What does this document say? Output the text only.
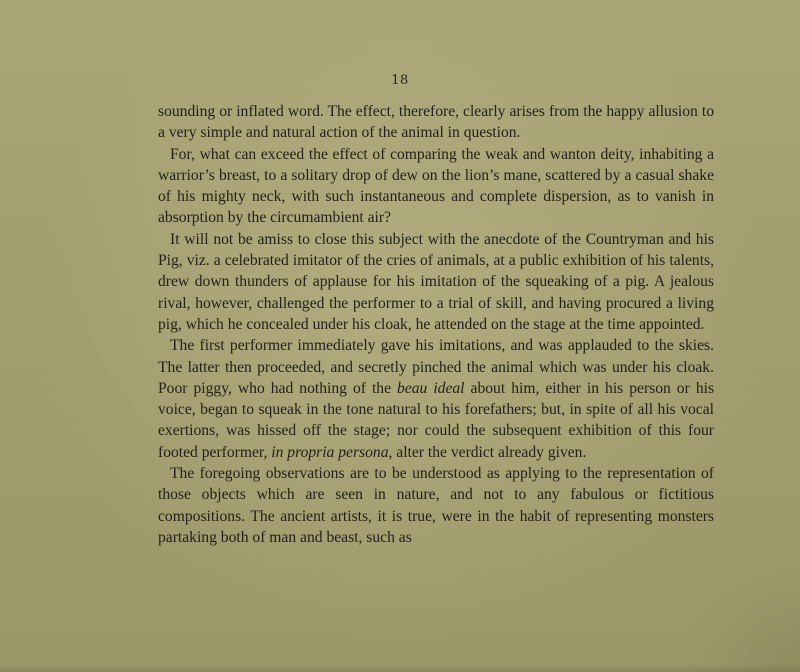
18

sounding or inflated word. The effect, therefore, clearly arises from the happy allusion to a very simple and natural action of the animal in question.

For, what can exceed the effect of comparing the weak and wanton deity, inhabiting a warrior’s breast, to a solitary drop of dew on the lion’s mane, scattered by a casual shake of his mighty neck, with such instantaneous and complete dispersion, as to vanish in absorption by the circumambient air?

It will not be amiss to close this subject with the anecdote of the Countryman and his Pig, viz. a celebrated imitator of the cries of animals, at a public exhibition of his talents, drew down thunders of applause for his imitation of the squeaking of a pig. A jealous rival, however, challenged the performer to a trial of skill, and having procured a living pig, which he concealed under his cloak, he attended on the stage at the time appointed.

The first performer immediately gave his imitations, and was applauded to the skies. The latter then proceeded, and secretly pinched the animal which was under his cloak. Poor piggy, who had nothing of the beau ideal about him, either in his person or his voice, began to squeak in the tone natural to his forefathers; but, in spite of all his vocal exertions, was hissed off the stage; nor could the subsequent exhibition of this four footed performer, in propria persona, alter the verdict already given.

The foregoing observations are to be understood as applying to the representation of those objects which are seen in nature, and not to any fabulous or fictitious compositions. The ancient artists, it is true, were in the habit of representing monsters partaking both of man and beast, such as
